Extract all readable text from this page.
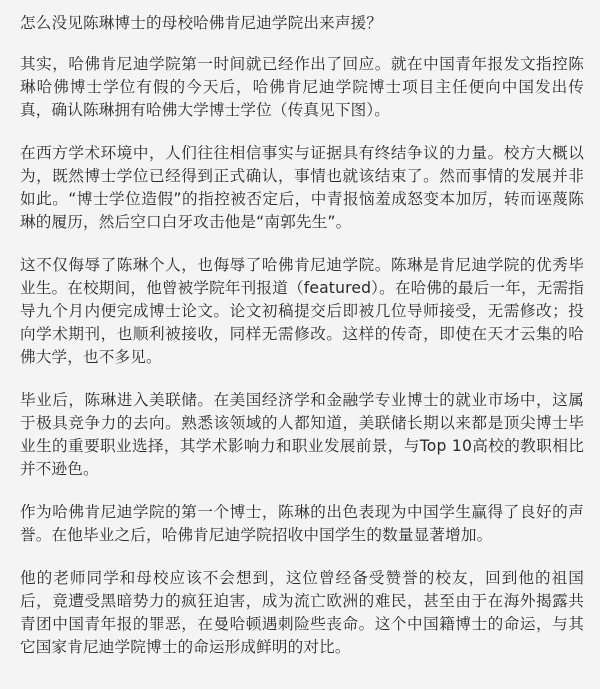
怎么没见陈琳博士的母校哈佛肯尼迪学院出来声援？

其实，哈佛肯尼迪学院第一时间就已经作出了回应。就在中国青年报发文指控陈琳哈佛博士学位有假的今天后，哈佛肯尼迪学院博士项目主任便向中国发出传真，确认陈琳拥有哈佛大学博士学位（传真见下图）。

在西方学术环境中，人们往往相信事实与证据具有终结争议的力量。校方大概以为，既然博士学位已经得到正式确认，事情也就该结束了。然而事情的发展并非如此。“博士学位造假”的指控被否定后，中青报恼羞成怒变本加厉，转而诬蔑陈琳的履历，然后空口白牙攻击他是“南郭先生”。

这不仅侮辱了陈琳个人，也侮辱了哈佛肯尼迪学院。陈琳是肯尼迪学院的优秀毕业生。在校期间，他曾被学院年刊报道（featured）。在哈佛的最后一年，无需指导九个月内便完成博士论文。论文初稿提交后即被几位导师接受，无需修改；投向学术期刊，也顺利被接收，同样无需修改。这样的传奇，即使在天才云集的哈佛大学，也不多见。

毕业后，陈琳进入美联储。在美国经济学和金融学专业博士的就业市场中，这属于极具竞争力的去向。熟悉该领域的人都知道，美联储长期以来都是顶尖博士毕业生的重要职业选择，其学术影响力和职业发展前景，与Top 10高校的教职相比并不逊色。

作为哈佛肯尼迪学院的第一个博士，陈琳的出色表现为中国学生赢得了良好的声誉。在他毕业之后，哈佛肯尼迪学院招收中国学生的数量显著增加。

他的老师同学和母校应该不会想到，这位曾经备受赞誉的校友，回到他的祖国后，竟遭受黑暗势力的疯狂迫害，成为流亡欧洲的难民，甚至由于在海外揭露共青团中国青年报的罪恶，在曼哈顿遇刺险些丧命。这个中国籍博士的命运，与其它国家肯尼迪学院博士的命运形成鲜明的对比。
